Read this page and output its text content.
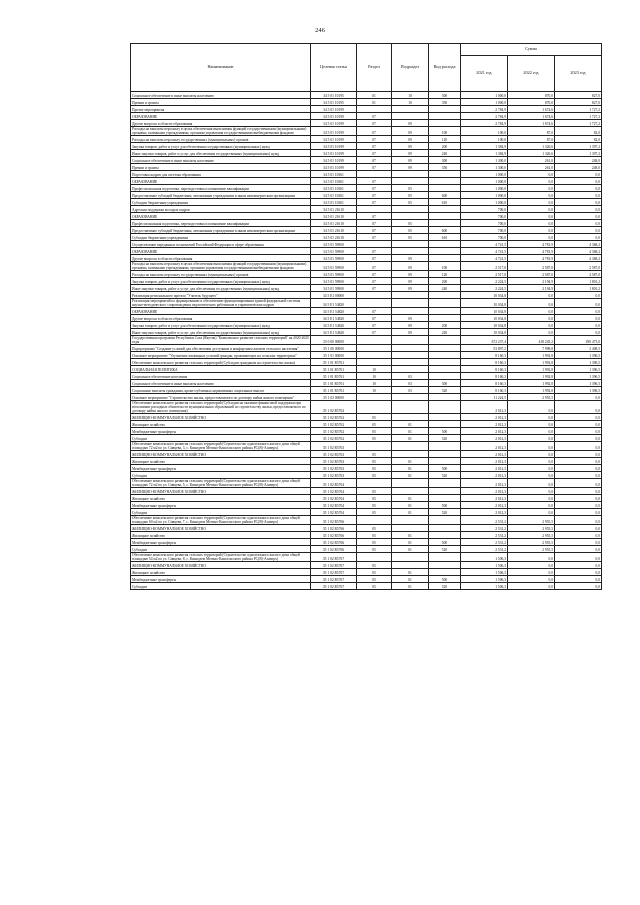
246
Наименование	Целевая статья	Раздел	Подраздел	Вид расхода	Сумма		
					2021 год	2022 год	2023 год
Социальное обеспечение и иные выплаты населению	34 5 01 10195	01	10	300	1 000,0	870,0	827,0
Премии и гранты	34 5 01 10195	01	10	350	1 000,0	870,0	827,0
Прочие мероприятия	34 5 01 10199				2 784,9	1 674,6	1 727,2
ОБРАЗОВАНИЕ	34 5 01 10199	07			2 784,9	1 674,6	1 727,2
Другие вопросы в области образования	34 5 01 10199	07	09		2 784,9	1 674,6	1 727,2
Расходы на выплаты персоналу в целях обеспечения выполнения функций государственными (муниципальными) органами, казенными учреждениями, органами управления государственными внебюджетными фондами	34 5 01 10199	07	09	100	100,0	87,0	82,0
Расходы на выплаты персоналу государственных (муниципальных) органов	34 5 01 10199	07	09	120	100,0	87,0	82,0
Закупка товаров, работ и услуг для обеспечения государственных (муниципальных) нужд	34 5 01 10199	07	09	200	1 384,9	1 326,6	1 397,2
Иные закупки товаров, работ и услуг для обеспечения государственных (муниципальных) нужд	34 5 01 10199	07	09	240	1 384,9	1 326,6	1 397,2
Социальное обеспечение и иные выплаты населению	34 5 01 10199	07	09	300	1 300,0	261,0	248,0
Премии и гранты	34 5 01 10199	07	09	350	1 300,0	261,0	248,0
Подготовка кадров для системы образования	34 5 01 10361				1 000,0	0,0	0,0
ОБРАЗОВАНИЕ	34 5 01 10361	07			1 000,0	0,0	0,0
Профессиональная подготовка, переподготовка и повышение квалификации	34 5 01 10361	07	05		1 000,0	0,0	0,0
Предоставление субсидий бюджетным, автономным учреждениям и иным некоммерческим организациям	34 5 01 10361	07	05	600	1 000,0	0,0	0,0
Субсидии бюджетным учреждениям	34 5 01 10361	07	05	610	1 000,0	0,0	0,0
Адресная поддержка молодых кадров	34 5 01 21610				700,0	0,0	0,0
ОБРАЗОВАНИЕ	34 5 01 21610	07			700,0	0,0	0,0
Профессиональная подготовка, переподготовка и повышение квалификации	34 5 01 21610	07	05		700,0	0,0	0,0
Предоставление субсидий бюджетным, автономным учреждениям и иным некоммерческим организациям	34 5 01 21610	07	05	600	700,0	0,0	0,0
Субсидии бюджетным учреждениям	34 5 01 21610	07	05	610	700,0	0,0	0,0
Осуществление переданных полномочий Российской Федерации в сфере образования	34 5 01 59900				4 741,5	4 781,9	4 368,2
ОБРАЗОВАНИЕ	34 5 01 59900	07			4 741,5	4 781,9	4 368,2
Другие вопросы в области образования	34 5 01 59900	07	09		4 741,5	4 781,9	4 368,2
Расходы на выплаты персоналу в целях обеспечения выполнения функций государственными (муниципальными) органами, казенными учреждениями, органами управления государственными внебюджетными фондами	34 5 01 59900	07	09	100	2 517,0	2 587,0	2 587,0
Расходы на выплаты персоналу государственных (муниципальных) органов	34 5 01 59900	07	09	120	2 517,0	2 587,0	2 587,0
Закупка товаров, работ и услуг для обеспечения государственных (муниципальных) нужд	34 5 01 59900	07	09	200	2 224,5	2 194,9	1 801,2
Иные закупки товаров, работ и услуг для обеспечения государственных (муниципальных) нужд	34 5 01 59900	07	09	240	2 224,5	2 194,9	1 801,2
Реализация регионального проекта "Учитель будущего"	34 5 E1 00000				10 034,8	0,0	0,0
Реализация мероприятий по формированию и обеспечению функционирования единой федеральной системы научно-методического сопровождения педагогических работников и управленческих кадров	34 5 E1 54820				10 034,8	0,0	0,0
ОБРАЗОВАНИЕ	34 5 E1 54820	07			10 034,8	0,0	0,0
Другие вопросы в области образования	34 5 E1 54820	07	09		10 034,8	0,0	0,0
Закупка товаров, работ и услуг для обеспечения государственных (муниципальных) нужд	34 5 E1 54820	07	09	200	10 034,8	0,0	0,0
Иные закупки товаров, работ и услуг для обеспечения государственных (муниципальных) нужд	34 5 E1 54820	07	09	240	10 034,8	0,0	0,0
Государственная программа Республики Саха (Якутия) "Комплексное развитие сельских территорий" на 2020-2025 годы	35 0 00 00000				672 237,4	418 245,2	290 473,0
Подпрограмма "Создание условий для обеспечения доступным и комфортным жильем сельского населения"	35 1 00 00000				53 897,2	7 998,8	3 408,5
Основное мероприятие "Улучшение жилищных условий граждан, проживающих на сельских территориях"	35 1 01 00000				8 160,3	1 992,8	1 396,5
Обеспечение комплексного развития сельских территорий (Субсидии гражданам на строительство жилья)	35 1 01 R5761				8 160,3	1 992,8	1 396,5
СОЦИАЛЬНАЯ ПОЛИТИКА	35 1 01 R5761	10			8 160,3	1 992,8	1 396,5
Социальное обеспечение населения	35 1 01 R5761	10	03		8 160,3	1 992,8	1 396,5
Социальное обеспечение и иные выплаты населению	35 1 01 R5761	10	03	300	8 160,3	1 992,8	1 396,5
Социальные выплаты гражданам, кроме публичных нормативных социальных выплат	35 1 01 R5761	10	03	320	8 160,3	1 992,8	1 396,5
Основное мероприятие "Строительство жилья, предоставляемого по договору найма жилого помещения"	35 1 02 00000				11 224,5	2 955,5	0,0
Обеспечение комплексного развития сельских территорий (Субсидии на оказание финансовой поддержки при исполнении расходных обязательств муниципальных образований по строительству жилья, предоставляемого по договору найма жилого помещения)	35 1 02 R5762				2 012,3	0,0	0,0
ЖИЛИЩНО-КОММУНАЛЬНОЕ ХОЗЯЙСТВО	35 1 02 R5762	05			2 012,3	0,0	0,0
Жилищное хозяйство	35 1 02 R5762	05	01		2 012,3	0,0	0,0
Межбюджетные трансферты	35 1 02 R5762	05	01	500	2 012,3	0,0	0,0
Субсидии	35 1 02 R5762	05	01	520	2 012,3	0,0	0,0
Обеспечение комплексного развития сельских территорий (Строительство одноэтажного жилого дома общей площадью 72 м2 по ул. Сивцева, 3, с. Кинидзем Мегино-Кангаласского района РС(Я)-Алаверх)	35 1 02 R5763				2 012,3	0,0	0,0
ЖИЛИЩНО-КОММУНАЛЬНОЕ ХОЗЯЙСТВО	35 1 02 R5763	05			2 012,3	0,0	0,0
Жилищное хозяйство	35 1 02 R5763	05	01		2 012,3	0,0	0,0
Межбюджетные трансферты	35 1 02 R5763	05	01	500	2 012,3	0,0	0,0
Субсидии	35 1 02 R5763	05	01	520	2 012,3	0,0	0,0
Обеспечение комплексного развития сельских территорий (Строительство одноэтажного жилого дома общей площадью 72 м2 по ул. Сивцева, 5, с. Кинидзем Мегино-Кангаласского района РС(Я)-Алаверх)	35 1 02 R5764				2 012,3	0,0	0,0
ЖИЛИЩНО-КОММУНАЛЬНОЕ ХОЗЯЙСТВО	35 1 02 R5764	05			2 012,3	0,0	0,0
Жилищное хозяйство	35 1 02 R5764	05	01		2 012,3	0,0	0,0
Межбюджетные трансферты	35 1 02 R5764	05	01	500	2 012,3	0,0	0,0
Субсидии	35 1 02 R5764	05	01	520	2 012,3	0,0	0,0
Обеспечение комплексного развития сельских территорий (Строительство одноэтажного жилого дома общей площадью 60 м2 по ул. Сивцева, 7, с. Кинидзем Мегино-Кангаласского района РС(Я)-Алаверх)	35 1 02 R5766				2 531,2	2 955,5	0,0
ЖИЛИЩНО-КОММУНАЛЬНОЕ ХОЗЯЙСТВО	35 1 02 R5766	05			2 531,2	2 955,5	0,0
Жилищное хозяйство	35 1 02 R5766	05	01		2 531,2	2 955,5	0,0
Межбюджетные трансферты	35 1 02 R5766	05	01	500	2 531,2	2 955,5	0,0
Субсидии	35 1 02 R5766	05	01	520	2 531,2	2 955,5	0,0
Обеспечение комплексного развития сельских территорий (Строительство одноэтажного жилого дома общей площадью 54 м2 по ул. Сивцева, 8, с. Кинидзем Мегино-Кангаласского района РС(Я)-Алаверх)	35 1 02 R5767				1 506,3	0,0	0,0
ЖИЛИЩНО-КОММУНАЛЬНОЕ ХОЗЯЙСТВО	35 1 02 R5767	05			1 506,3	0,0	0,0
Жилищное хозяйство	35 1 02 R5767	05	01		1 506,3	0,0	0,0
Межбюджетные трансферты	35 1 02 R5767	05	01	500	1 506,3	0,0	0,0
Субсидии	35 1 02 R5767	05	01	520	1 506,3	0,0	0,0
